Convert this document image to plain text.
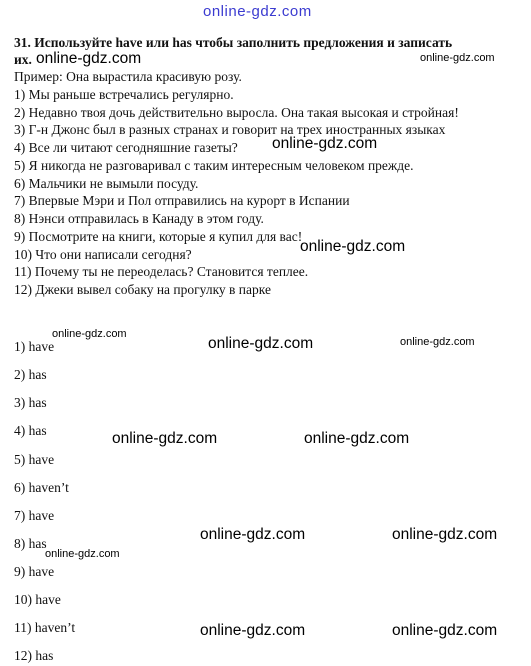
online-gdz.com
31. Используйте have или has чтобы заполнить предложения и записать
их.
Пример: Она вырастила красивую розу.
1) Мы раньше встречались регулярно.
2) Недавно твоя дочь действительно выросла. Она такая высокая и стройная!
3) Г-н Джонс был в разных странах и говорит на трех иностранных языках
4) Все ли читают сегодняшние газеты?
5) Я никогда не разговаривал с таким интересным человеком прежде.
6) Мальчики не вымыли посуду.
7) Впервые Мэри и Пол отправились на курорт в Испании
8) Нэнси отправилась в Канаду в этом году.
9) Посмотрите на книги, которые я купил для вас!
10) Что они написали сегодня?
11) Почему ты не переоделась? Становится теплее.
12) Джеки вывел собаку на прогулку в парке
1) have
2) has
3) has
4) has
5) have
6) haven’t
7) have
8) has
9) have
10) have
11) haven’t
12) has
online-gdz.com	online-gdz.com
online-gdz.com
online-gdz.com
online-gdz.com
online-gdz.com	online-gdz.com
online-gdz.com	online-gdz.com
online-gdz.com	online-gdz.com
online-gdz.com
online-gdz.com	online-gdz.com
